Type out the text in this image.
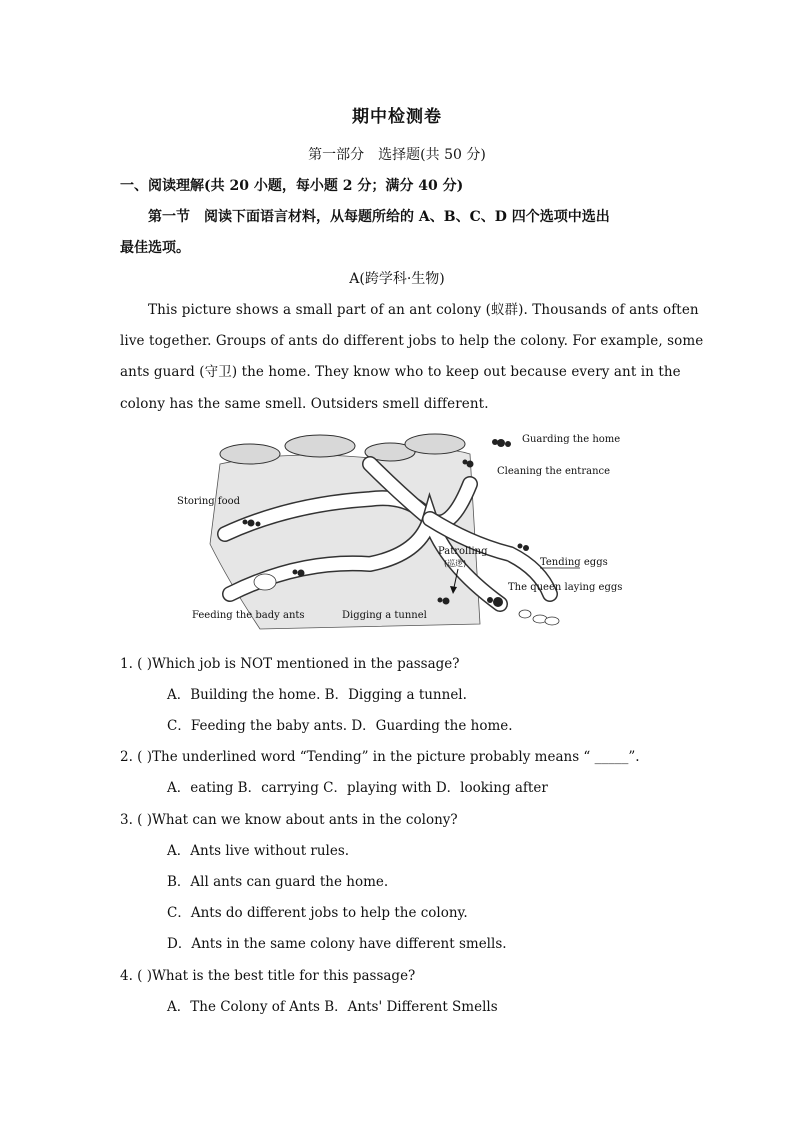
期中检测卷
第一部分　选择题(共 50 分)
一、阅读理解(共 20 小题，每小题 2 分；满分 40 分)
第一节　阅读下面语言材料，从每题所给的 A、B、C、D 四个选项中选出
最佳选项。
A(跨学科·生物)
This picture shows a small part of an ant colony (蚁群). Thousands of ants often
live together. Groups of ants do different jobs to help the colony. For example, some
ants guard (守卫) the home. They know who to keep out because every ant in the
colony has the same smell. Outsiders smell different.
Guarding the home
Cleaning the entrance
Storing food
Patrolling
(巡逻)	Tending eggs
The queen laying eggs
Feeding the bady ants	Digging a tunnel
1. ( )Which job is NOT mentioned in the passage?
A．Building the home. B．Digging a tunnel.
C．Feeding the baby ants. D．Guarding the home.
2. ( )The underlined word “Tending” in the picture probably means “ _____”.
A．eating B．carrying C．playing with D．looking after
3. ( )What can we know about ants in the colony?
A．Ants live without rules.
B．All ants can guard the home.
C．Ants do different jobs to help the colony.
D．Ants in the same colony have different smells.
4. ( )What is the best title for this passage?
A．The Colony of Ants B．Ants' Different Smells
